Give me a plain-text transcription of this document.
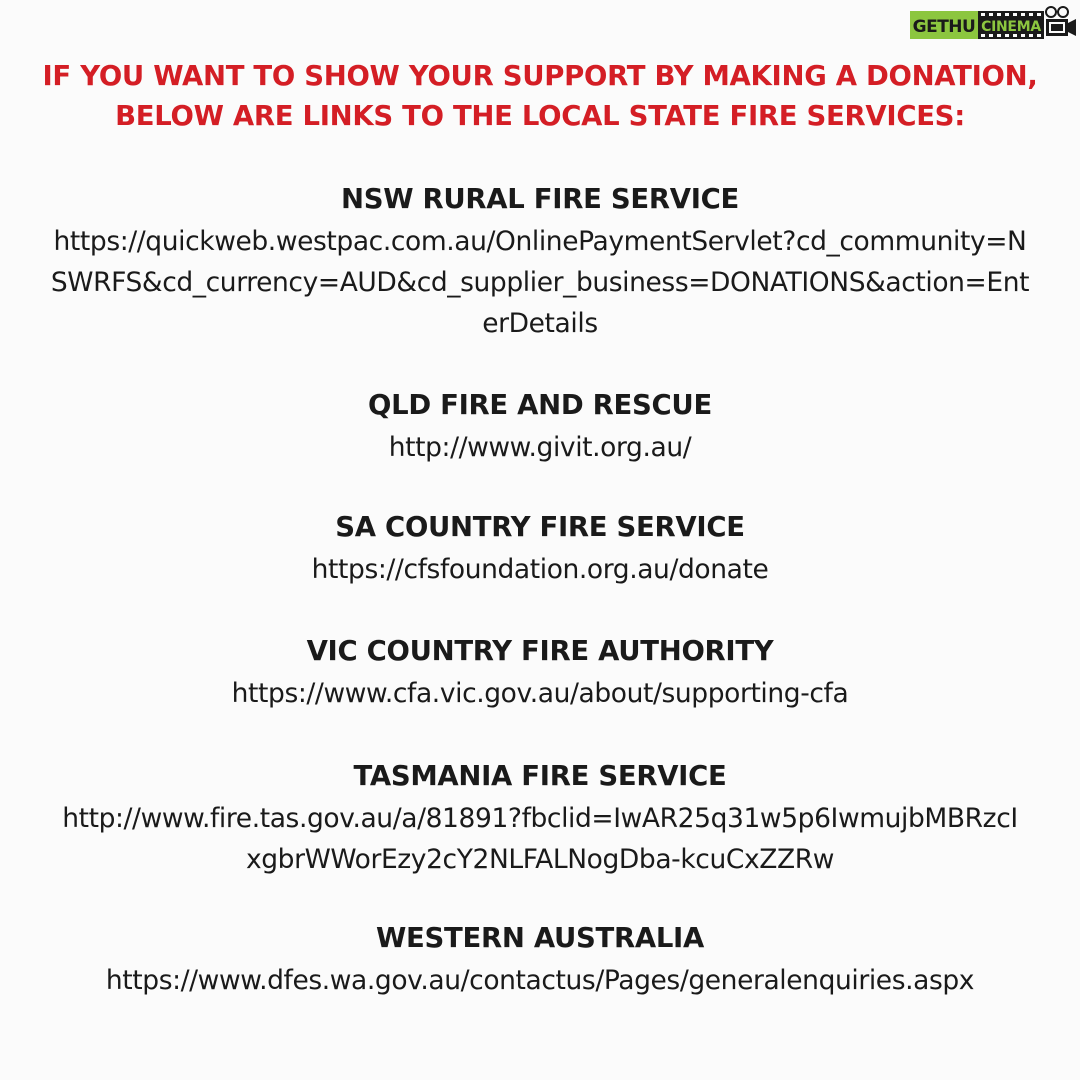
GETHU CINEMA
IF YOU WANT TO SHOW YOUR SUPPORT BY MAKING A DONATION,
BELOW ARE LINKS TO THE LOCAL STATE FIRE SERVICES:
NSW RURAL FIRE SERVICE
https://quickweb.westpac.com.au/OnlinePaymentServlet?cd_community=NSWRFS&cd_currency=AUD&cd_supplier_business=DONATIONS&action=EnterDetails
QLD FIRE AND RESCUE
http://www.givit.org.au/
SA COUNTRY FIRE SERVICE
https://cfsfoundation.org.au/donate
VIC COUNTRY FIRE AUTHORITY
https://www.cfa.vic.gov.au/about/supporting-cfa
TASMANIA FIRE SERVICE
http://www.fire.tas.gov.au/a/81891?fbclid=IwAR25q31w5p6IwmujbMBRzcIxgbrWWorEzy2cY2NLFALNogDba-kcuCxZZRw
WESTERN AUSTRALIA
https://www.dfes.wa.gov.au/contactus/Pages/generalenquiries.aspx
